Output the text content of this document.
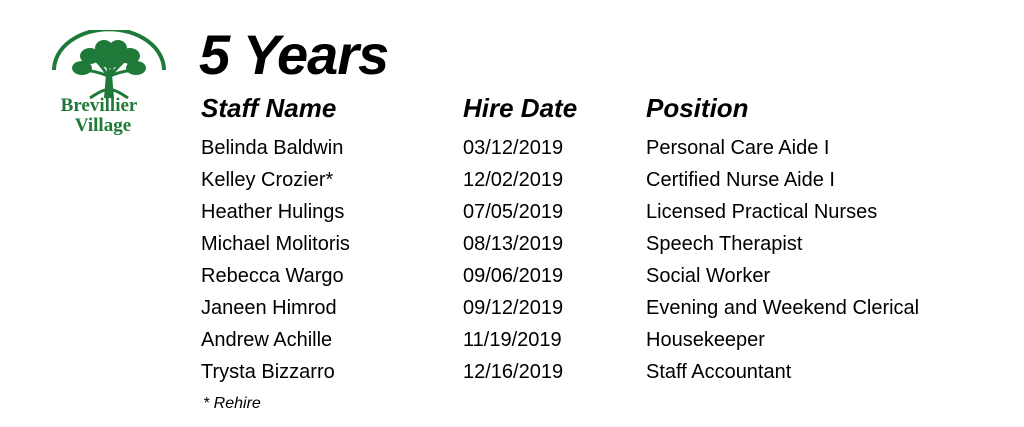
Brevillier
Village
5 Years
Staff Name	Hire Date	Position
Belinda Baldwin	03/12/2019	Personal Care Aide I
Kelley Crozier*	12/02/2019	Certified Nurse Aide I
Heather Hulings	07/05/2019	Licensed Practical Nurses
Michael Molitoris	08/13/2019	Speech Therapist
Rebecca Wargo	09/06/2019	Social Worker
Janeen Himrod	09/12/2019	Evening and Weekend Clerical
Andrew Achille	11/19/2019	Housekeeper
Trysta Bizzarro	12/16/2019	Staff Accountant
* Rehire
